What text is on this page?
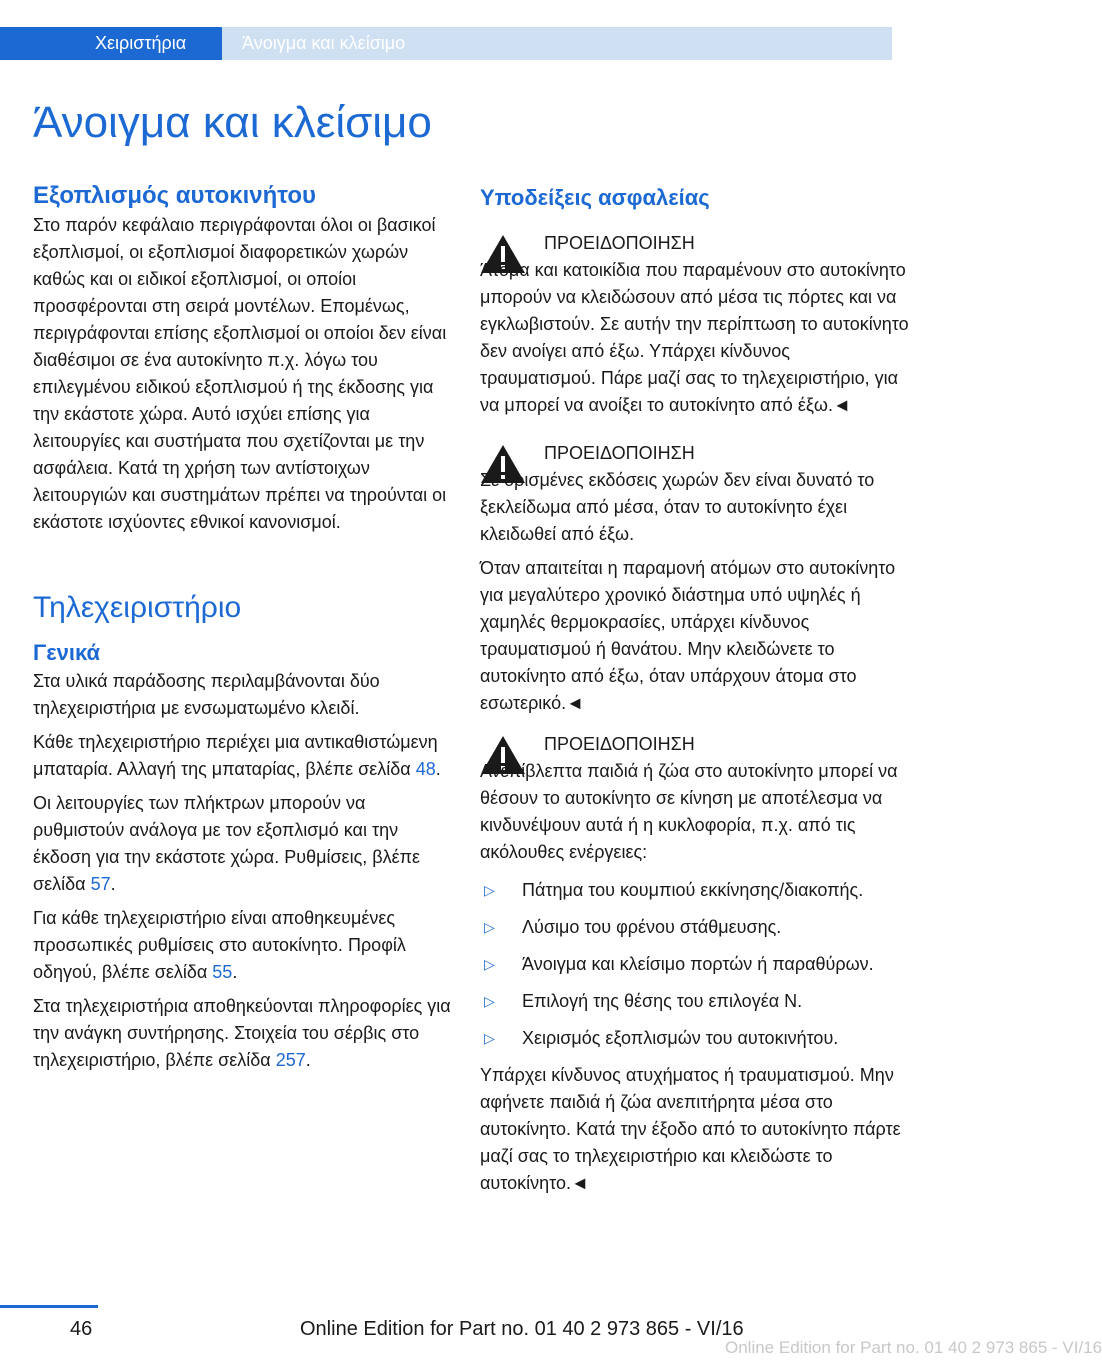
Χειριστήρια	Άνοιγμα και κλείσιμο
Άνοιγμα και κλείσιμο
Εξοπλισμός αυτοκινήτου

Στο παρόν κεφάλαιο περιγράφονται όλοι οι βασικοί εξοπλισμοί, οι εξοπλισμοί διαφορετικών χωρών καθώς και οι ειδικοί εξοπλισμοί, οι οποίοι προσφέρονται στη σειρά μοντέλων. Επομένως, περιγράφονται επίσης εξοπλισμοί οι οποίοι δεν είναι διαθέσιμοι σε ένα αυτοκίνητο π.χ. λόγω του επιλεγμένου ειδικού εξοπλισμού ή της έκδοσης για την εκάστοτε χώρα. Αυτό ισχύει επίσης για λειτουργίες και συστήματα που σχετίζονται με την ασφάλεια. Κατά τη χρήση των αντίστοιχων λειτουργιών και συστημάτων πρέπει να τηρούνται οι εκάστοτε ισχύοντες εθνικοί κανονισμοί.

Τηλεχειριστήριο
Γενικά

Στα υλικά παράδοσης περιλαμβάνονται δύο τηλεχειριστήρια με ενσωματωμένο κλειδί.

Κάθε τηλεχειριστήριο περιέχει μια αντικαθιστώμενη μπαταρία. Αλλαγή της μπαταρίας, βλέπε σελίδα 48.

Οι λειτουργίες των πλήκτρων μπορούν να ρυθμιστούν ανάλογα με τον εξοπλισμό και την έκδοση για την εκάστοτε χώρα. Ρυθμίσεις, βλέπε σελίδα 57.

Για κάθε τηλεχειριστήριο είναι αποθηκευμένες προσωπικές ρυθμίσεις στο αυτοκίνητο. Προφίλ οδηγού, βλέπε σελίδα 55.

Στα τηλεχειριστήρια αποθηκεύονται πληροφορίες για την ανάγκη συντήρησης. Στοιχεία του σέρβις στο τηλεχειριστήριο, βλέπε σελίδα 257.

Υποδείξεις ασφαλείας
ΠΡΟΕΙΔΟΠΟΙΗΣΗ
Άτομα και κατοικίδια που παραμένουν στο αυτοκίνητο μπορούν να κλειδώσουν από μέσα τις πόρτες και να εγκλωβιστούν. Σε αυτήν την περίπτωση το αυτοκίνητο δεν ανοίγει από έξω. Υπάρχει κίνδυνος τραυματισμού. Πάρε μαζί σας το τηλεχειριστήριο, για να μπορεί να ανοίξει το αυτοκίνητο από έξω.◄
ΠΡΟΕΙΔΟΠΟΙΗΣΗ
Σε ορισμένες εκδόσεις χωρών δεν είναι δυνατό το ξεκλείδωμα από μέσα, όταν το αυτοκίνητο έχει κλειδωθεί από έξω.

Όταν απαιτείται η παραμονή ατόμων στο αυτοκίνητο για μεγαλύτερο χρονικό διάστημα υπό υψηλές ή χαμηλές θερμοκρασίες, υπάρχει κίνδυνος τραυματισμού ή θανάτου. Μην κλειδώνετε το αυτοκίνητο από έξω, όταν υπάρχουν άτομα στο εσωτερικό.◄

ΠΡΟΕΙΔΟΠΟΙΗΣΗ
Ανεπίβλεπτα παιδιά ή ζώα στο αυτοκίνητο μπορεί να θέσουν το αυτοκίνητο σε κίνηση με αποτέλεσμα να κινδυνέψουν αυτά ή η κυκλοφορία, π.χ. από τις ακόλουθες ενέργειες:
▷ Πάτημα του κουμπιού εκκίνησης/διακοπής.
▷ Λύσιμο του φρένου στάθμευσης.
▷ Άνοιγμα και κλείσιμο πορτών ή παραθύρων.
▷ Επιλογή της θέσης του επιλογέα N.
▷ Χειρισμός εξοπλισμών του αυτοκινήτου.

Υπάρχει κίνδυνος ατυχήματος ή τραυματισμού. Μην αφήνετε παιδιά ή ζώα ανεπιτήρητα μέσα στο αυτοκίνητο. Κατά την έξοδο από το αυτοκίνητο πάρτε μαζί σας το τηλεχειριστήριο και κλειδώστε το αυτοκίνητο.◄

46	Online Edition for Part no. 01 40 2 973 865 - VI/16
Online Edition for Part no. 01 40 2 973 865 - VI/16
